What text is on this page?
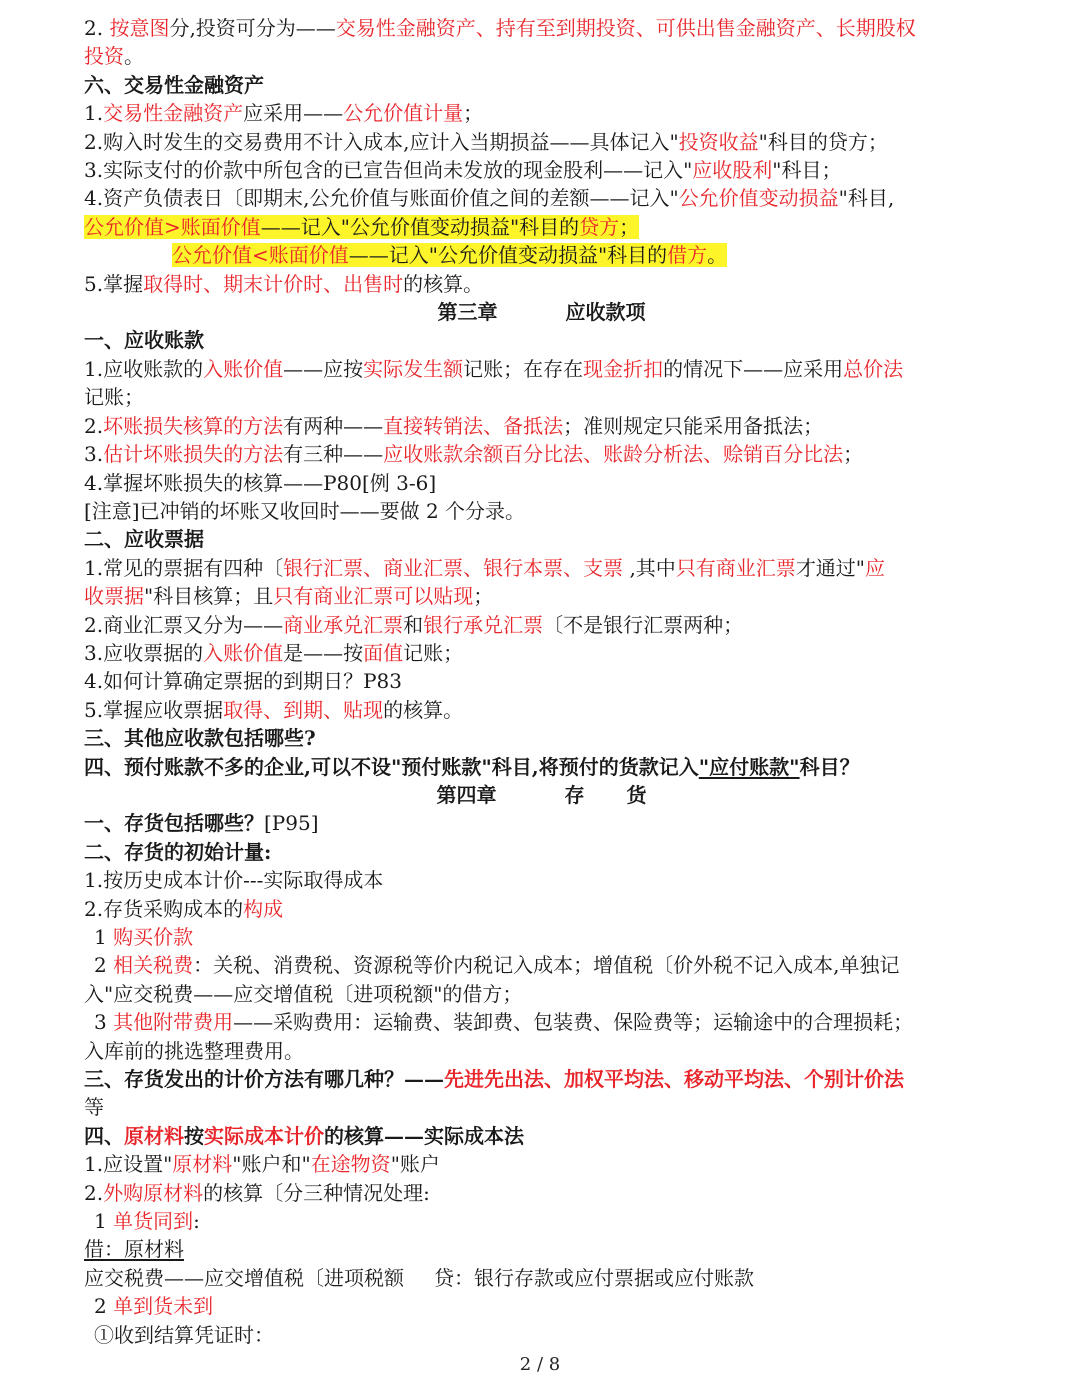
2. 按意图分,投资可分为——交易性金融资产、持有至到期投资、可供出售金融资产、长期股权
投资。
六、交易性金融资产
1.交易性金融资产应采用——公允价值计量；
2.购入时发生的交易费用不计入成本,应计入当期损益——具体记入"投资收益"科目的贷方；
3.实际支付的价款中所包含的已宣告但尚未发放的现金股利——记入"应收股利"科目；
4.资产负债表日〔即期末,公允价值与账面价值之间的差额——记入"公允价值变动损益"科目,
公允价值>账面价值——记入"公允价值变动损益"科目的贷方；
公允价值<账面价值——记入"公允价值变动损益"科目的借方。
5.掌握取得时、期末计价时、出售时的核算。
第三章	应收款项
一、应收账款
1.应收账款的入账价值——应按实际发生额记账；在存在现金折扣的情况下——应采用总价法
记账；
2.坏账损失核算的方法有两种——直接转销法、备抵法；准则规定只能采用备抵法；
3.估计坏账损失的方法有三种——应收账款余额百分比法、账龄分析法、赊销百分比法；
4.掌握坏账损失的核算——P80[例 3-6]
[注意]已冲销的坏账又收回时——要做 2 个分录。
二、应收票据
1.常见的票据有四种〔银行汇票、商业汇票、银行本票、支票 ,其中只有商业汇票才通过"应
收票据"科目核算；且只有商业汇票可以贴现；
2.商业汇票又分为——商业承兑汇票和银行承兑汇票〔不是银行汇票两种；
3.应收票据的入账价值是——按面值记账；
4.如何计算确定票据的到期日？P83
5.掌握应收票据取得、到期、贴现的核算。
三、其他应收款包括哪些?
四、预付账款不多的企业,可以不设"预付账款"科目,将预付的货款记入"应付账款"科目？
第四章	存 货
一、存货包括哪些？[P95]
二、存货的初始计量:
1.按历史成本计价---实际取得成本
2.存货采购成本的构成
1 购买价款
2 相关税费：关税、消费税、资源税等价内税记入成本；增值税〔价外税不记入成本,单独记
入"应交税费——应交增值税〔进项税额"的借方；
3 其他附带费用——采购费用：运输费、装卸费、包装费、保险费等；运输途中的合理损耗；
入库前的挑选整理费用。
三、存货发出的计价方法有哪几种？——先进先出法、加权平均法、移动平均法、个别计价法
等
四、原材料按实际成本计价的核算——实际成本法
1.应设置"原材料"账户和"在途物资"账户
2.外购原材料的核算〔分三种情况处理:
1 单货同到:
借：原材料
应交税费——应交增值税〔进项税额 贷：银行存款或应付票据或应付账款
2 单到货未到
①收到结算凭证时：
2 / 8
